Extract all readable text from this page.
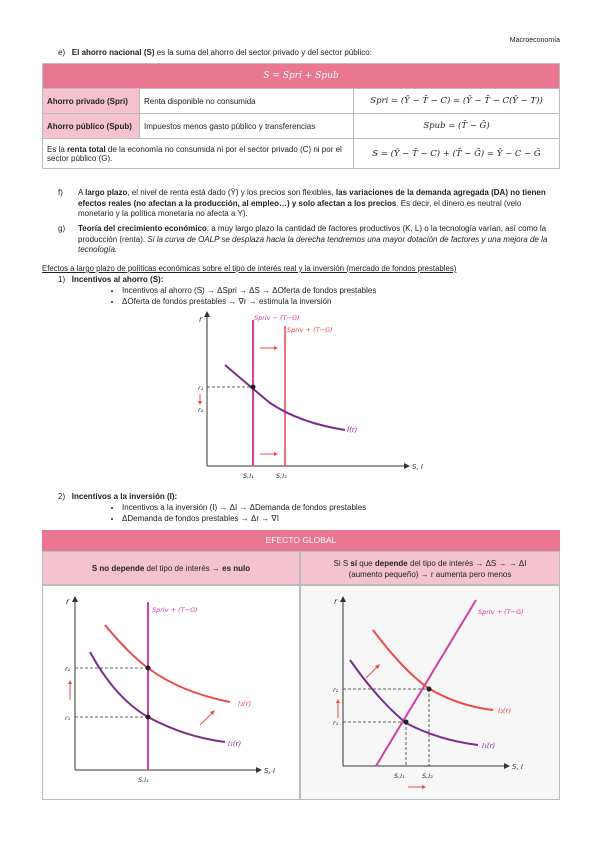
Macroeconomía
e) El ahorro nacional (S) es la suma del ahorro del sector privado y del sector público:
S = Spri + Spub		
Ahorro privado (Spri)	Renta disponible no consumida	Spri = (Ȳ − T̄ − C) = (Ȳ − T̄ − C(Ȳ − T))
Ahorro público (Spub)	Impuestos menos gasto público y transferencias	Spub = (T̄ − Ḡ)
Es la renta total de la economía no consumida ni por el sector privado (C) ni por el sector público (G).		S = (Ȳ − T̄ − C) + (T̄ − Ḡ) = Ȳ − C − Ḡ
f) A largo plazo, el nivel de renta está dado (Ȳ) y los precios son flexibles, las variaciones de la demanda agregada (DA) no tienen efectos reales (no afectan a la producción, al empleo…) y solo afectan a los precios. Es decir, el dinero es neutral (velo monetario y la política monetaria no afecta a Y).
g) Teoría del crecimiento económico: a muy largo plazo la cantidad de factores productivos (K, L) o la tecnología varían, así como la producción (renta). Si la curva de OALP se desplaza hacia la derecha tendremos una mayor dotación de factores y una mejora de la tecnología.
Efectos a largo plazo de políticas económicas sobre el tipo de interés real y la inversión (mercado de fondos prestables)
1) Incentivos al ahorro (S):
• Incentivos al ahorro (S) → ΔSpri → ΔS → ΔOferta de fondos prestables
• ΔOferta de fondos prestables → ∇r → estimula la inversión
r
S, I
Spriv − (T−G)
Spriv + (T−G)
I(r)
r₁
r₂
S,I₁	S,I₂
2) Incentivos a la inversión (I):
• Incentivos a la inversión (I) → ΔI → ΔDemanda de fondos prestables
• ΔDemanda de fondos prestables → Δr → ∇I
EFECTO GLOBAL
S no depende del tipo de interés → es nulo
Si S sí que depende del tipo de interés → ΔS → → ΔI (aumento pequeño) → r aumenta pero menos
r
S, I
Spriv + (T−G)
I₂(r)
I₁(r)
r₂
r₁
S,I₁
r
S, I
Spriv + (T−G)
I₂(r)
I₁(r)
r₂
r₁
S,I₁	S,I₂
